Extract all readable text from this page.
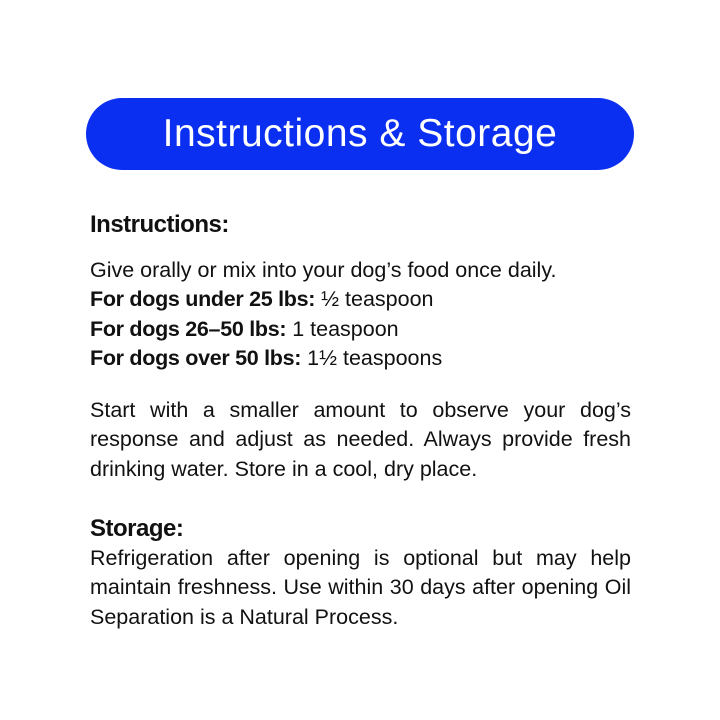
Instructions & Storage
Instructions:

Give orally or mix into your dog’s food once daily.

For dogs under 25 lbs: ½ teaspoon

For dogs 26–50 lbs: 1 teaspoon

For dogs over 50 lbs: 1½ teaspoons

Start with a smaller amount to observe your dog’s response and adjust as needed. Always provide fresh drinking water. Store in a cool, dry place.

Storage:

Refrigeration after opening is optional but may help maintain freshness. Use within 30 days after opening Oil Separation is a Natural Process.
